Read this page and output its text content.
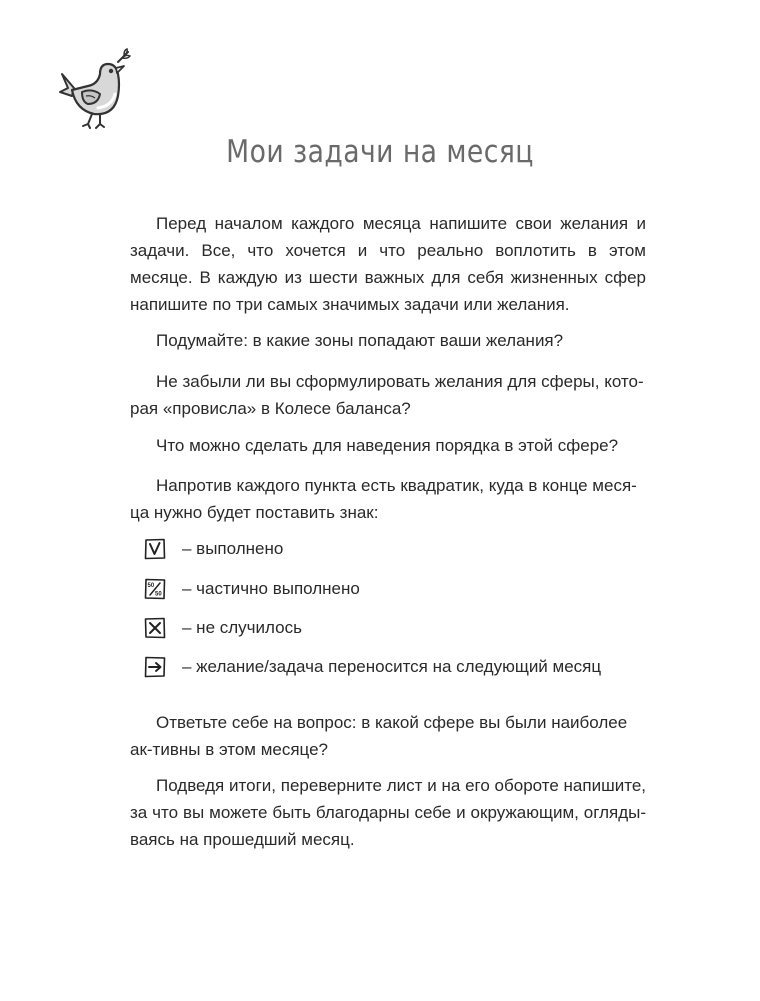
Мои задачи на месяц

Перед началом каждого месяца напишите свои желания и задачи. Все, что хочется и что реально воплотить в этом месяце. В каждую из шести важных для себя жизненных сфер напишите по три самых значимых задачи или желания.

Подумайте: в какие зоны попадают ваши желания?

Не забыли ли вы сформулировать желания для сферы, кото-рая «провисла» в Колесе баланса?

Что можно сделать для наведения порядка в этой сфере?

Напротив каждого пункта есть квадратик, куда в конце меся-ца нужно будет поставить знак:

– выполнено
50
50 – частично выполнено
– не случилось
– желание/задача переносится на следующий месяц

Ответьте себе на вопрос: в какой сфере вы были наиболее ак-тивны в этом месяце?

Подведя итоги, переверните лист и на его обороте напишите, за что вы можете быть благодарны себе и окружающим, огляды-ваясь на прошедший месяц.
